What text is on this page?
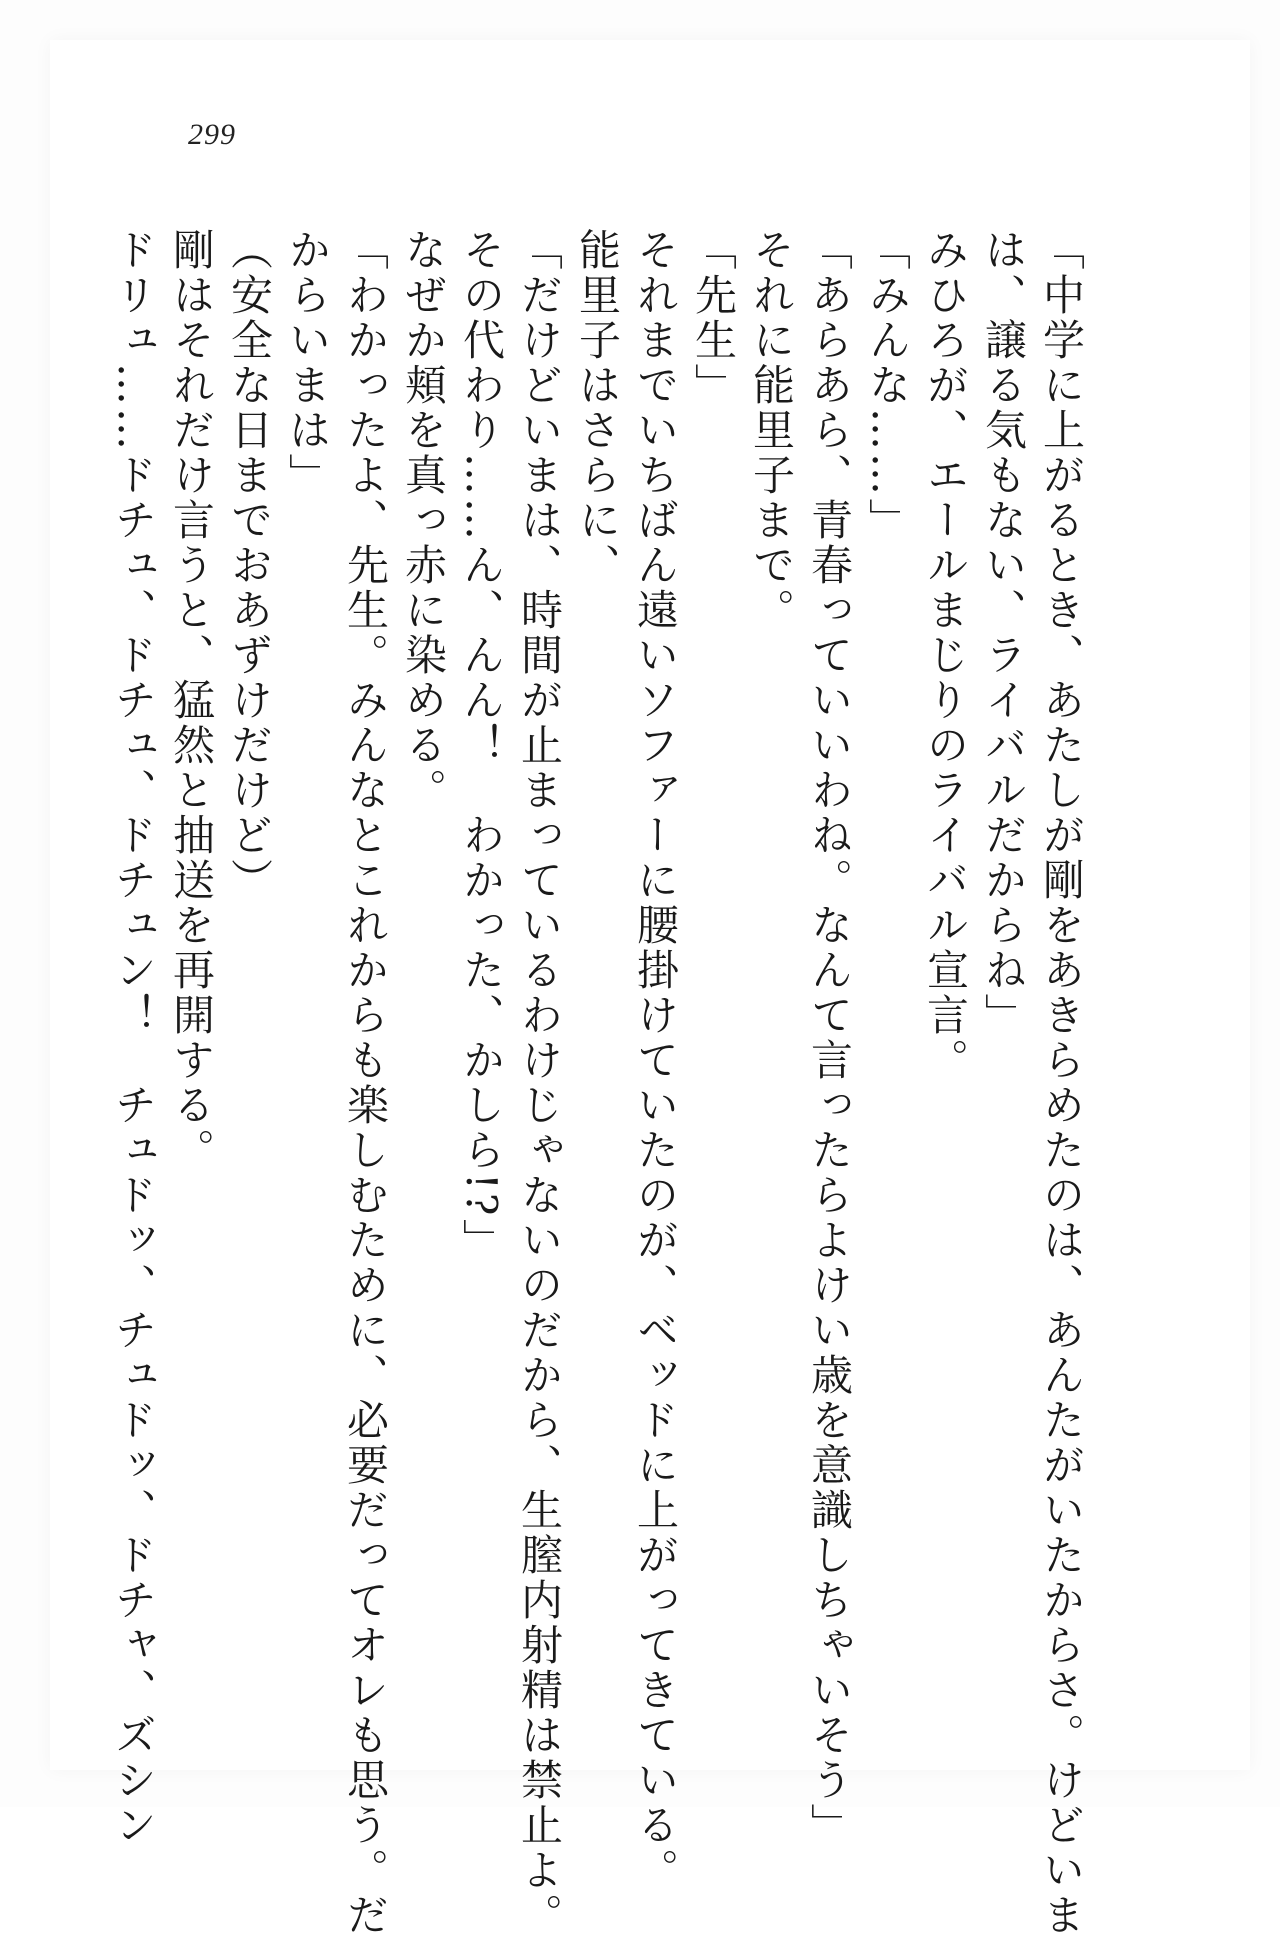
299
「中学に上がるとき、あたしが剛をあきらめたのは、あんたがいたからさ。けどいま
は、譲る気もない、ライバルだからね」
みひろが、エールまじりのライバル宣言。
「みんな……」
「あらあら、青春っていいわね。なんて言ったらよけい歳を意識しちゃいそう」
それに能里子まで。
「先生」
それまでいちばん遠いソファーに腰掛けていたのが、ベッドに上がってきている。
能里子はさらに、
「だけどいまは、時間が止まっているわけじゃないのだから、生膣内射精は禁止よ。
その代わり……ん、んん！　わかった、かしら!?」
なぜか頬を真っ赤に染める。
「わかったよ、先生。みんなとこれからも楽しむために、必要だってオレも思う。だ
からいまは」
（安全な日までおあずけだけど）
剛はそれだけ言うと、猛然と抽送を再開する。
ドリュ……ドチュ、ドチュ、ドチュン！　チュドッ、チュドッ、ドチャ、ズシン
